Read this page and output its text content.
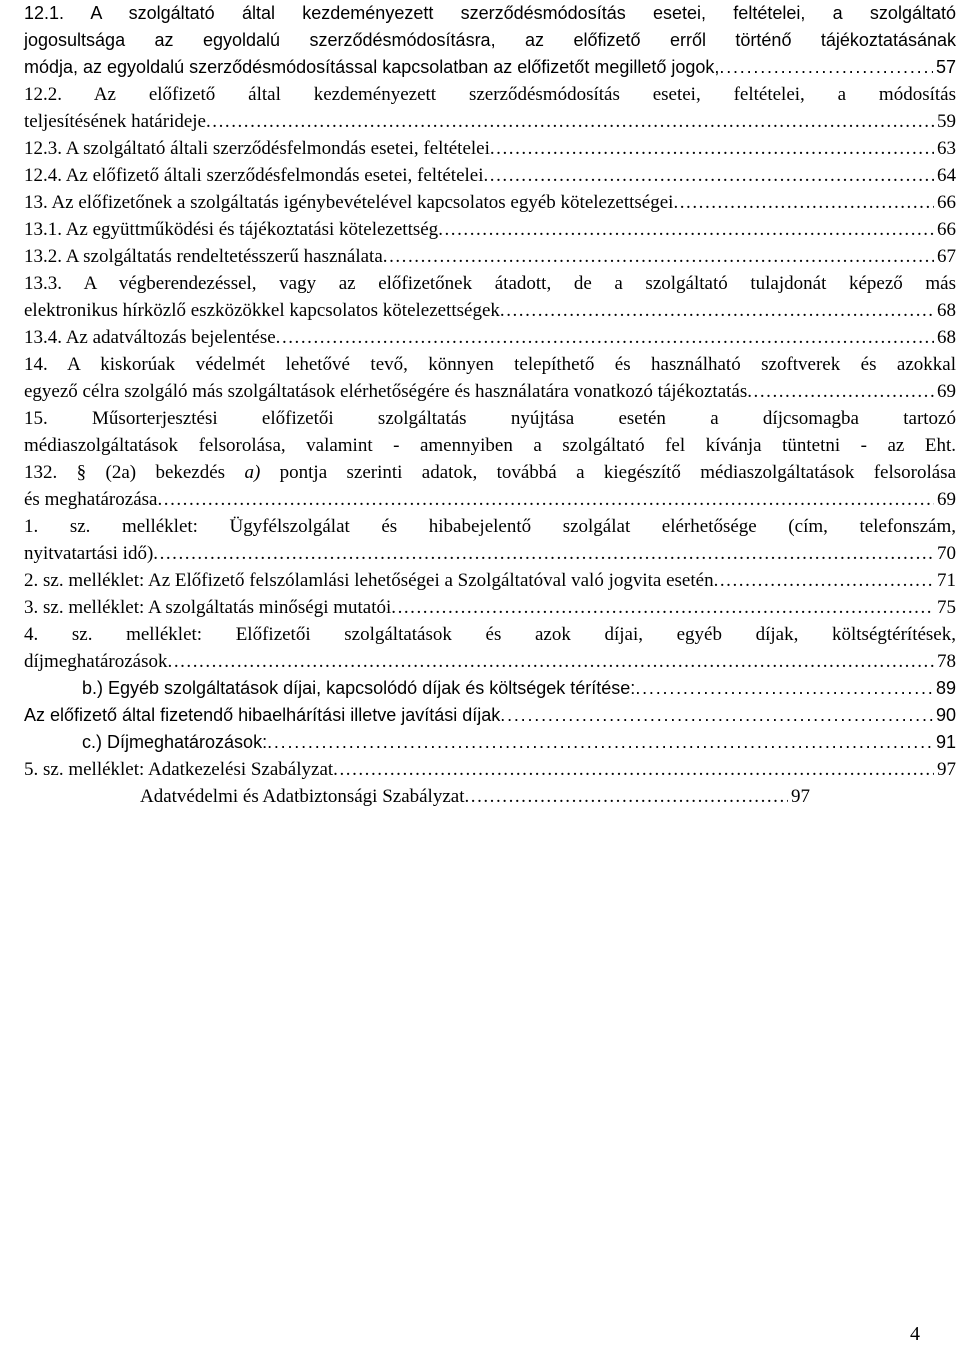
12.1. A szolgáltató által kezdeményezett szerződésmódosítás esetei, feltételei, a szolgáltató
jogosultsága az egyoldalú szerződésmódosításra, az előfizető erről történő tájékoztatásának
módja, az egyoldalú szerződésmódosítással kapcsolatban az előfizetőt megillető jogok, . . .	57
12.2. Az előfizető által kezdeményezett szerződésmódosítás esetei, feltételei, a módosítás
teljesítésének határideje . . .	59
12.3. A szolgáltató általi szerződésfelmondás esetei, feltételei . . .	63
12.4. Az előfizető általi szerződésfelmondás esetei, feltételei . . .	64
13. Az előfizetőnek a szolgáltatás igénybevételével kapcsolatos egyéb kötelezettségei . . .	66
13.1. Az együttműködési és tájékoztatási kötelezettség . . .	66
13.2. A szolgáltatás rendeltetésszerű használata . . .	67
13.3. A végberendezéssel, vagy az előfizetőnek átadott, de a szolgáltató tulajdonát képező más
elektronikus hírközlő eszközökkel kapcsolatos kötelezettségek . . .	68
13.4. Az adatváltozás bejelentése . . .	68
14. A kiskorúak védelmét lehetővé tevő, könnyen telepíthető és használható szoftverek és azokkal
egyező célra szolgáló más szolgáltatások elérhetőségére és használatára vonatkozó tájékoztatás . . .	69
15. Műsorterjesztési előfizetői szolgáltatás nyújtása esetén a díjcsomagba tartozó
médiaszolgáltatások felsorolása, valamint - amennyiben a szolgáltató fel kívánja tüntetni - az Eht.
132. § (2a) bekezdés a) pontja szerinti adatok, továbbá a kiegészítő médiaszolgáltatások felsorolása
és meghatározása . . .	69
1. sz. melléklet: Ügyfélszolgálat és hibabejelentő szolgálat elérhetősége (cím, telefonszám,
nyitvatartási idő) . . .	70
2. sz. melléklet: Az Előfizető felszólamlási lehetőségei a Szolgáltatóval való jogvita esetén . . .	71
3. sz. melléklet: A szolgáltatás minőségi mutatói . . .	75
4. sz. melléklet: Előfizetői szolgáltatások és azok díjai, egyéb díjak, költségtérítések,
díjmeghatározások . . .	78
b.) Egyéb szolgáltatások díjai, kapcsolódó díjak és költségek térítése: . . .	89
Az előfizető által fizetendő hibaelhárítási illetve javítási díjak . . .	90
c.) Díjmeghatározások: . . .	91
5. sz. melléklet: Adatkezelési Szabályzat . . .	97
Adatvédelmi és Adatbiztonsági Szabályzat . . .	97
4
